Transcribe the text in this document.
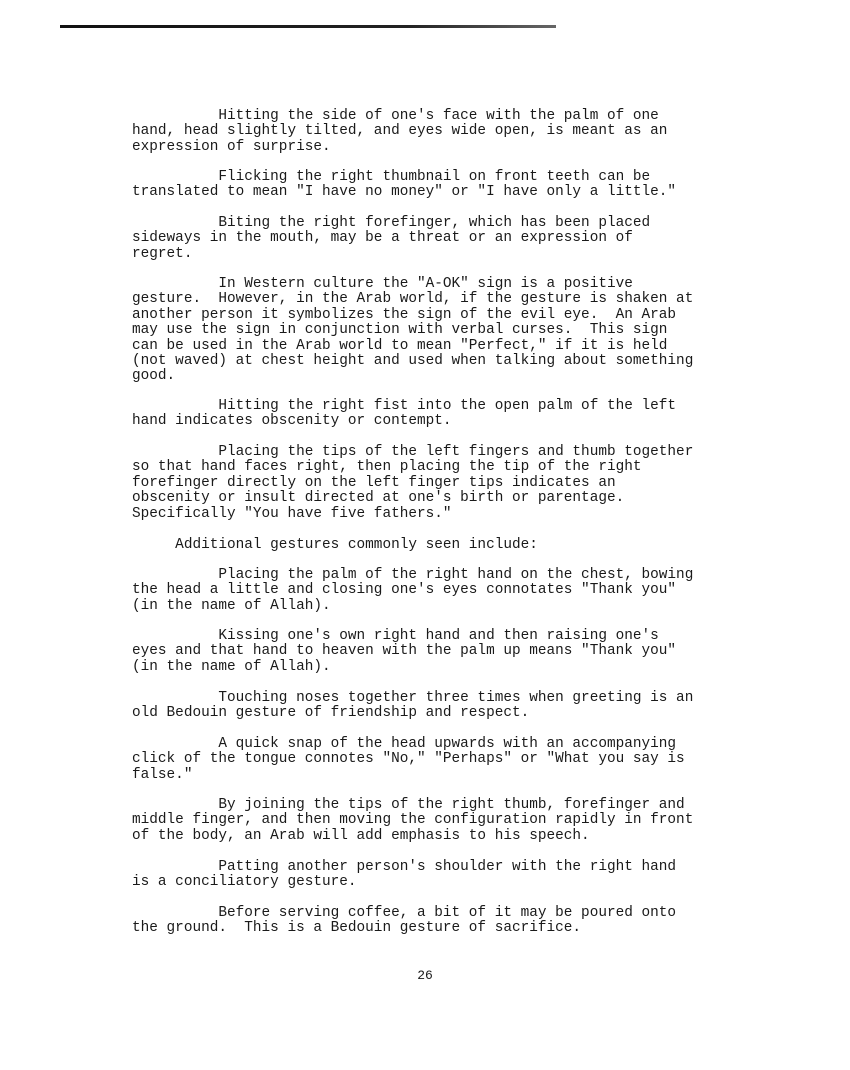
Hitting the side of one's face with the palm of one
hand, head slightly tilted, and eyes wide open, is meant as an
expression of surprise.

Flicking the right thumbnail on front teeth can be
translated to mean "I have no money" or "I have only a little."

Biting the right forefinger, which has been placed
sideways in the mouth, may be a threat or an expression of
regret.

In Western culture the "A-OK" sign is a positive
gesture.  However, in the Arab world, if the gesture is shaken at
another person it symbolizes the sign of the evil eye.  An Arab
may use the sign in conjunction with verbal curses.  This sign
can be used in the Arab world to mean "Perfect," if it is held
(not waved) at chest height and used when talking about something
good.

Hitting the right fist into the open palm of the left
hand indicates obscenity or contempt.

Placing the tips of the left fingers and thumb together
so that hand faces right, then placing the tip of the right
forefinger directly on the left finger tips indicates an
obscenity or insult directed at one's birth or parentage.
Specifically "You have five fathers."

Additional gestures commonly seen include:

Placing the palm of the right hand on the chest, bowing
the head a little and closing one's eyes connotates "Thank you"
(in the name of Allah).

Kissing one's own right hand and then raising one's
eyes and that hand to heaven with the palm up means "Thank you"
(in the name of Allah).

Touching noses together three times when greeting is an
old Bedouin gesture of friendship and respect.

A quick snap of the head upwards with an accompanying
click of the tongue connotes "No," "Perhaps" or "What you say is
false."

By joining the tips of the right thumb, forefinger and
middle finger, and then moving the configuration rapidly in front
of the body, an Arab will add emphasis to his speech.

Patting another person's shoulder with the right hand
is a conciliatory gesture.

Before serving coffee, a bit of it may be poured onto
the ground.  This is a Bedouin gesture of sacrifice.

26
